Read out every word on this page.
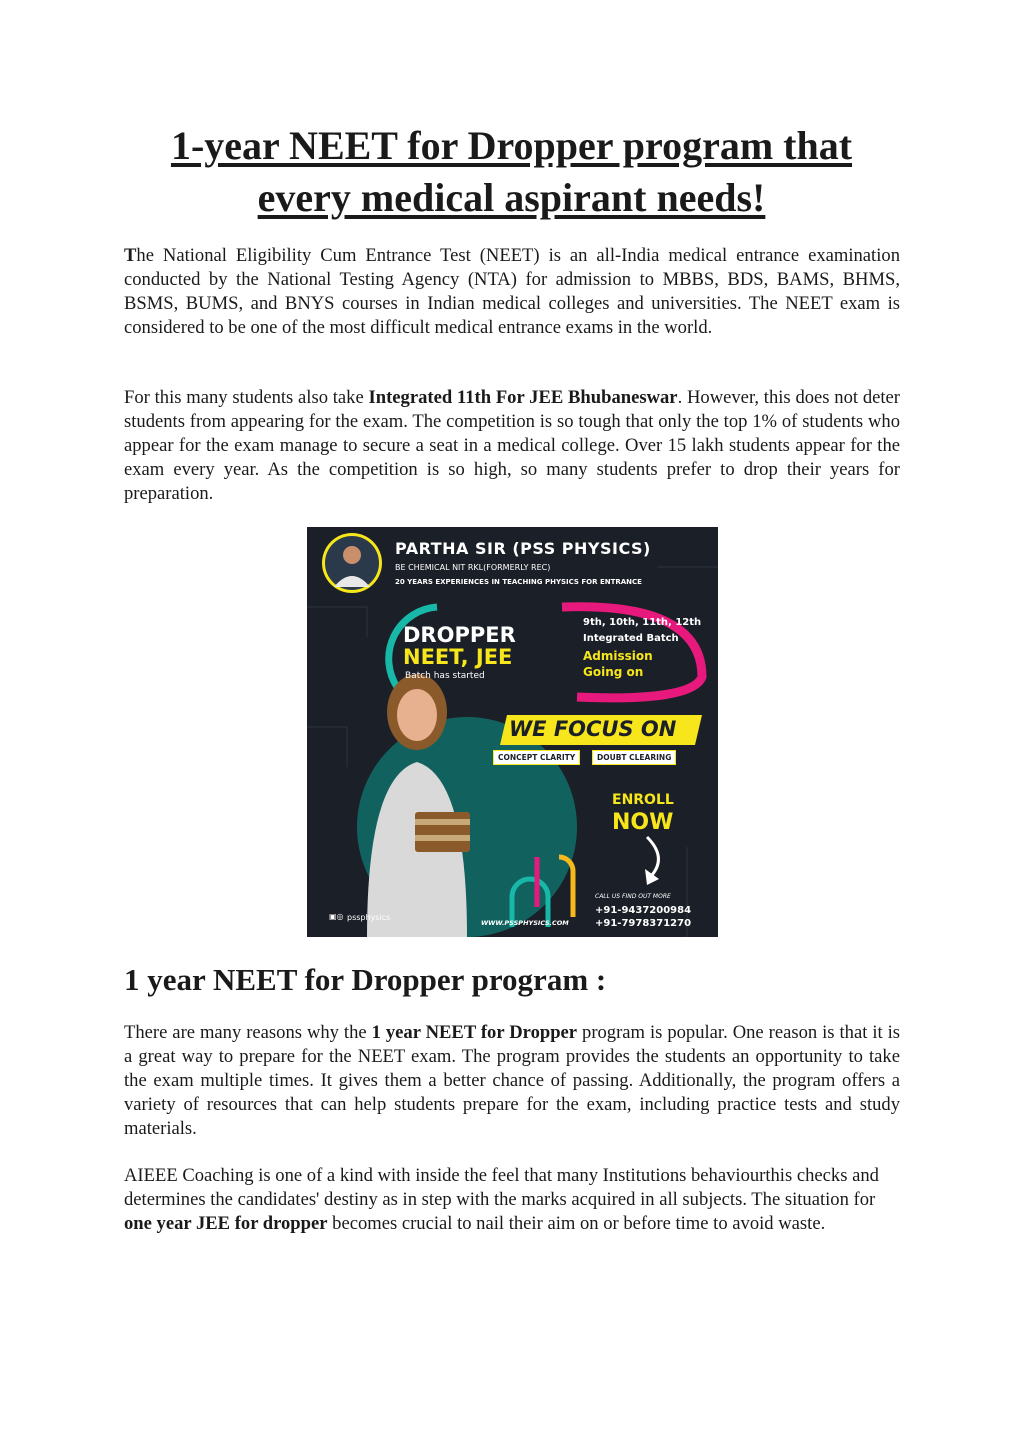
1-year NEET for Dropper program that
every medical aspirant needs!

The National Eligibility Cum Entrance Test (NEET) is an all-India medical entrance examination conducted by the National Testing Agency (NTA) for admission to MBBS, BDS, BAMS, BHMS, BSMS, BUMS, and BNYS courses in Indian medical colleges and universities. The NEET exam is considered to be one of the most difficult medical entrance exams in the world.

For this many students also take Integrated 11th For JEE Bhubaneswar. However, this does not deter students from appearing for the exam. The competition is so tough that only the top 1% of students who appear for the exam manage to secure a seat in a medical college. Over 15 lakh students appear for the exam every year. As the competition is so high, so many students prefer to drop their years for preparation.

PARTHA SIR (PSS PHYSICS)
BE CHEMICAL NIT RKL(FORMERLY REC)
20 YEARS EXPERIENCES IN TEACHING PHYSICS FOR ENTRANCE
DROPPER
NEET, JEE
Batch has started
9th, 10th, 11th, 12th
Integrated Batch
Admission
Going on
WE FOCUS ON
CONCEPT CLARITY	DOUBT CLEARING
ENROLL
NOW
CALL US FIND OUT MORE
+91-9437200984
+91-7978371270
WWW.PSSPHYSICS.COM
▣◎ pssphysics
1 year NEET for Dropper program :

There are many reasons why the 1 year NEET for Dropper program is popular. One reason is that it is a great way to prepare for the NEET exam. The program provides the students an opportunity to take the exam multiple times. It gives them a better chance of passing. Additionally, the program offers a variety of resources that can help students prepare for the exam, including practice tests and study materials.

AIEEE Coaching is one of a kind with inside the feel that many Institutions behaviourthis checks and determines the candidates' destiny as in step with the marks acquired in all subjects. The situation for one year JEE for dropper becomes crucial to nail their aim on or before time to avoid waste.
